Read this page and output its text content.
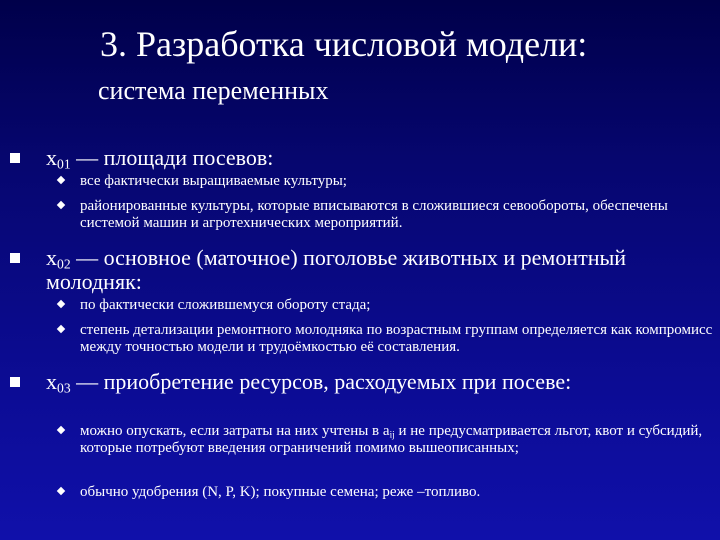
3. Разработка числовой модели:
система переменных
$x_{01}$ — площади посевов:
все фактически выращиваемые культуры;
районированные культуры, которые вписываются в сложившиеся севообороты, обеспечены системой машин и агротехнических мероприятий.
$x_{02}$ — основное (маточное) поголовье животных и ремонтный молодняк:
по фактически сложившемуся обороту стада;
степень детализации ремонтного молодняка по возрастным группам определяется как компромисс между точностью модели и трудоёмкостью её составления.
$x_{03}$ — приобретение ресурсов, расходуемых при посеве:
можно опускать, если затраты на них учтены в $a_{ij}$ и не предусматривается льгот, квот и субсидий, которые потребуют введения ограничений помимо вышеописанных;
обычно удобрения (N, P, K); покупные семена; реже –топливо.
